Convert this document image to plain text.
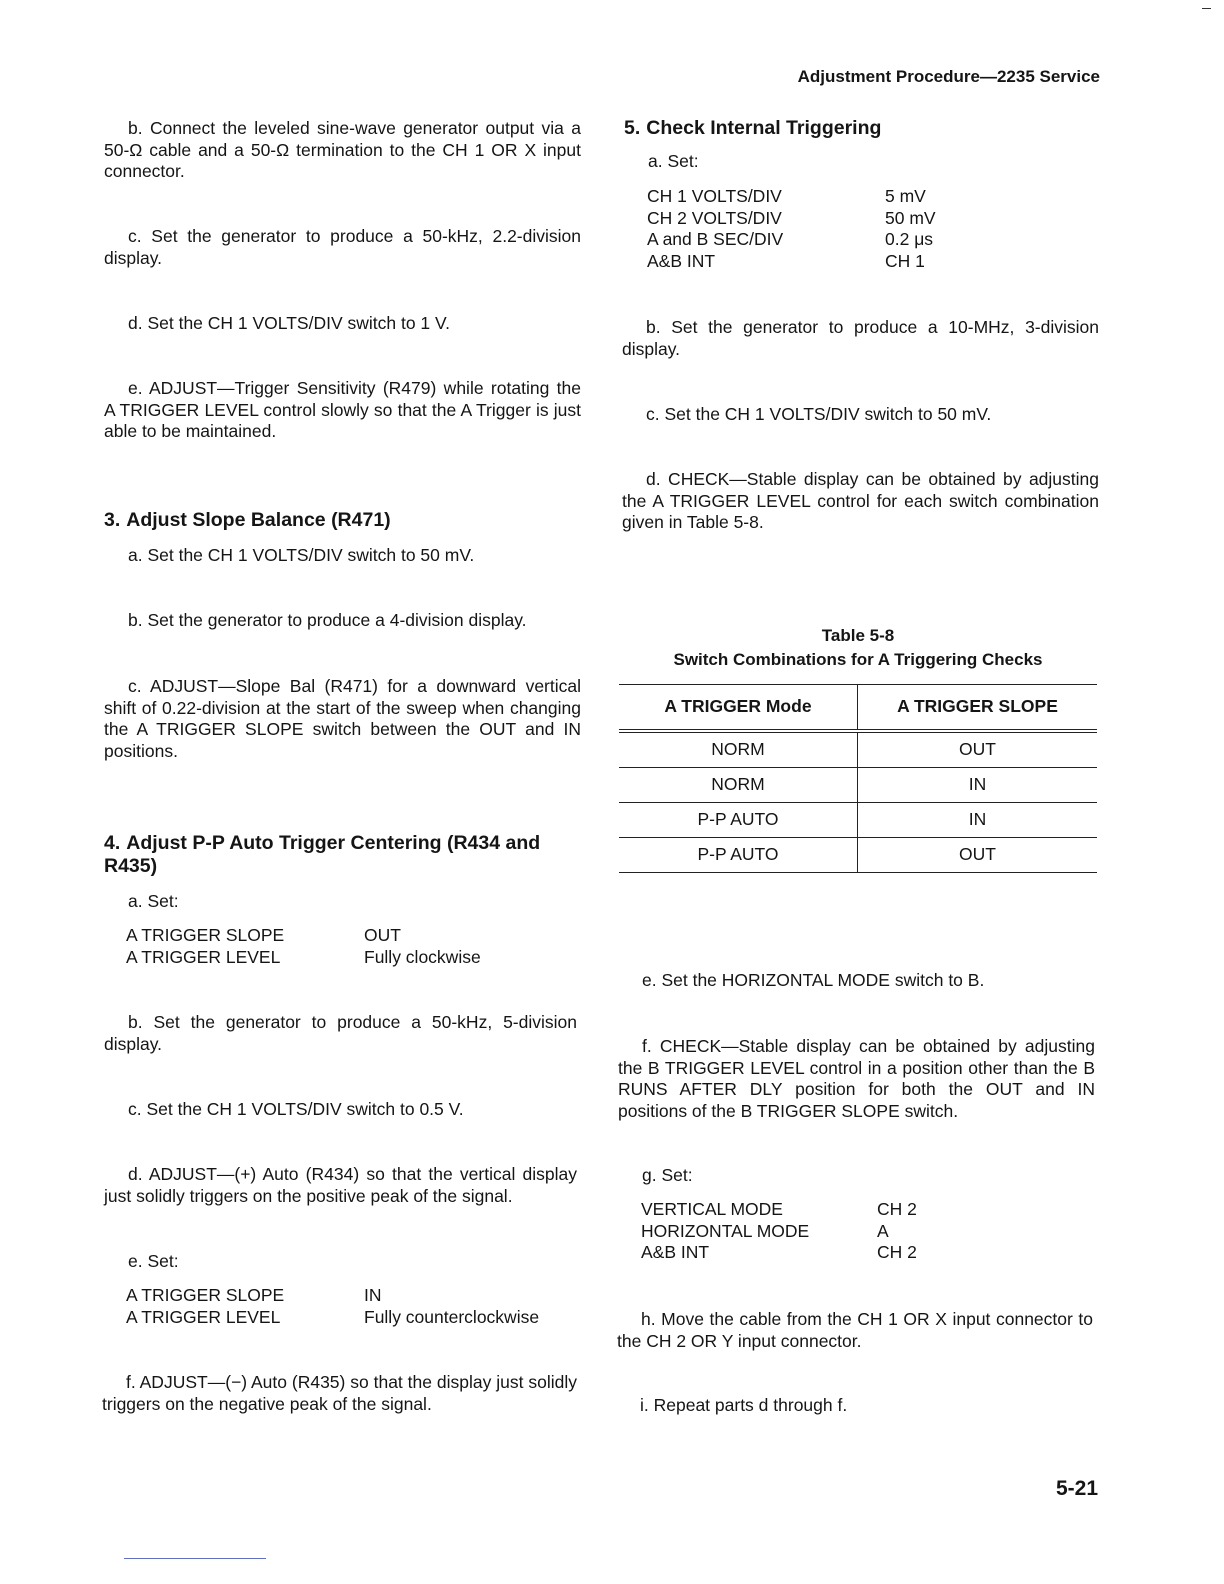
Adjustment Procedure—2235 Service
b. Connect the leveled sine-wave generator output via a 50-Ω cable and a 50-Ω termination to the CH 1 OR X input connector.
c. Set the generator to produce a 50-kHz, 2.2-division display.
d. Set the CH 1 VOLTS/DIV switch to 1 V.
e. ADJUST—Trigger Sensitivity (R479) while rotating the A TRIGGER LEVEL control slowly so that the A Trigger is just able to be maintained.
3. Adjust Slope Balance (R471)
a. Set the CH 1 VOLTS/DIV switch to 50 mV.
b. Set the generator to produce a 4-division display.
c. ADJUST—Slope Bal (R471) for a downward vertical shift of 0.22-division at the start of the sweep when changing the A TRIGGER SLOPE switch between the OUT and IN positions.
4. Adjust P-P Auto Trigger Centering (R434 and R435)
a. Set:
A TRIGGER SLOPE	OUT
A TRIGGER LEVEL	Fully clockwise
b. Set the generator to produce a 50-kHz, 5-division display.
c. Set the CH 1 VOLTS/DIV switch to 0.5 V.
d. ADJUST—(+) Auto (R434) so that the vertical display just solidly triggers on the positive peak of the signal.
e. Set:
A TRIGGER SLOPE	IN
A TRIGGER LEVEL	Fully counterclockwise
f. ADJUST—(−) Auto (R435) so that the display just solidly triggers on the negative peak of the signal.
5. Check Internal Triggering
a. Set:
CH 1 VOLTS/DIV	5 mV
CH 2 VOLTS/DIV	50 mV
A and B SEC/DIV	0.2 μs
A&B INT	CH 1
b. Set the generator to produce a 10-MHz, 3-division display.
c. Set the CH 1 VOLTS/DIV switch to 50 mV.
d. CHECK—Stable display can be obtained by adjusting the A TRIGGER LEVEL control for each switch combination given in Table 5-8.
Table 5-8
Switch Combinations for A Triggering Checks
A TRIGGER Mode	A TRIGGER SLOPE
NORM	OUT
NORM	IN
P-P AUTO	IN
P-P AUTO	OUT
e. Set the HORIZONTAL MODE switch to B.
f. CHECK—Stable display can be obtained by adjusting the B TRIGGER LEVEL control in a position other than the B RUNS AFTER DLY position for both the OUT and IN positions of the B TRIGGER SLOPE switch.
g. Set:
VERTICAL MODE	CH 2
HORIZONTAL MODE	A
A&B INT	CH 2
h. Move the cable from the CH 1 OR X input connector to the CH 2 OR Y input connector.
i. Repeat parts d through f.
5-21
